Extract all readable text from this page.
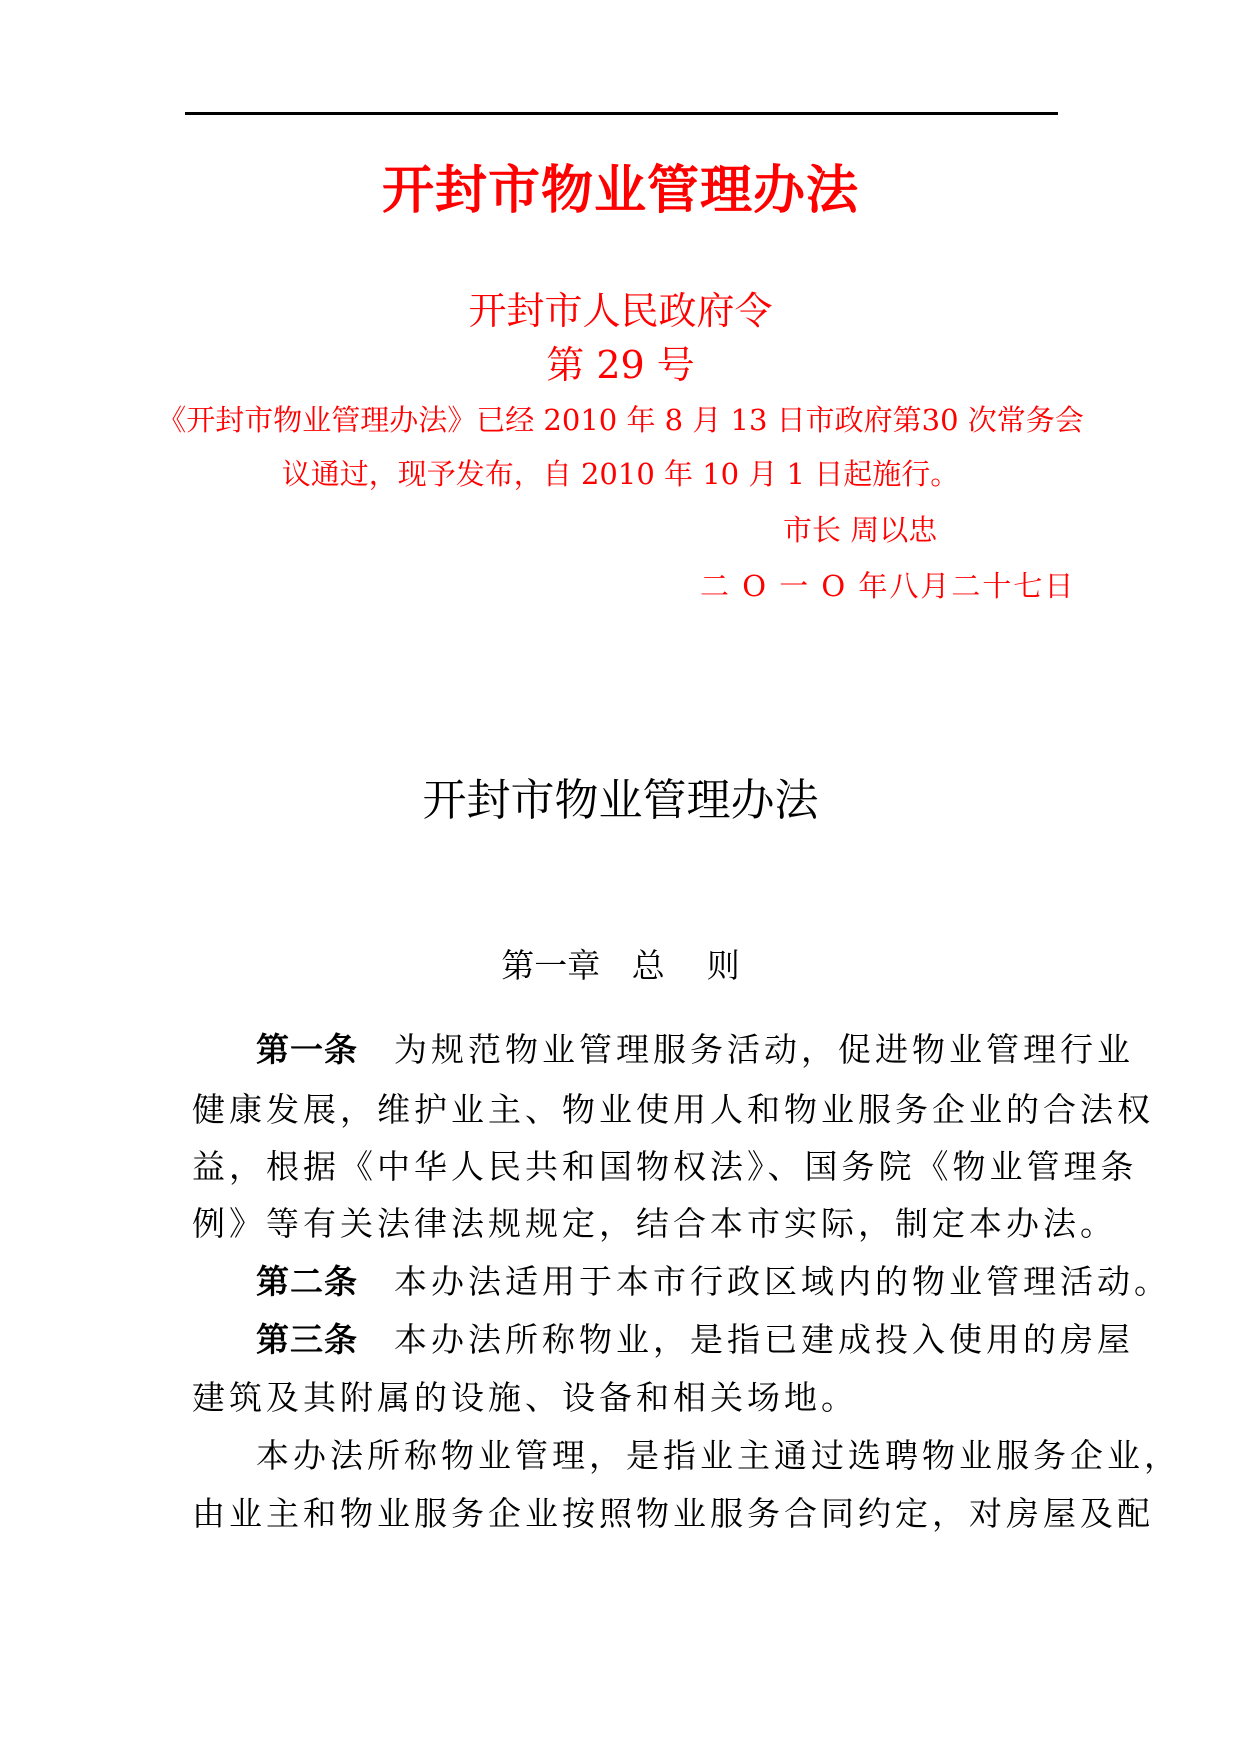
开封市物业管理办法
开封市人民政府令
第 29 号
《开封市物业管理办法》已经 2010 年 8 月 13 日市政府第30 次常务会
议通过，现予发布，自 2010 年 10 月 1 日起施行。
市长 周以忠
二 O 一 O 年八月二十七日
开封市物业管理办法
第一章   总    则
第一条 为规范物业管理服务活动，促进物业管理行业
健康发展，维护业主、物业使用人和物业服务企业的合法权
益，根据《中华人民共和国物权法》、国务院《物业管理条
例》等有关法律法规规定，结合本市实际，制定本办法。
第二条 本办法适用于本市行政区域内的物业管理活动。
第三条 本办法所称物业，是指已建成投入使用的房屋
建筑及其附属的设施、设备和相关场地。
本办法所称物业管理，是指业主通过选聘物业服务企业，
由业主和物业服务企业按照物业服务合同约定，对房屋及配
